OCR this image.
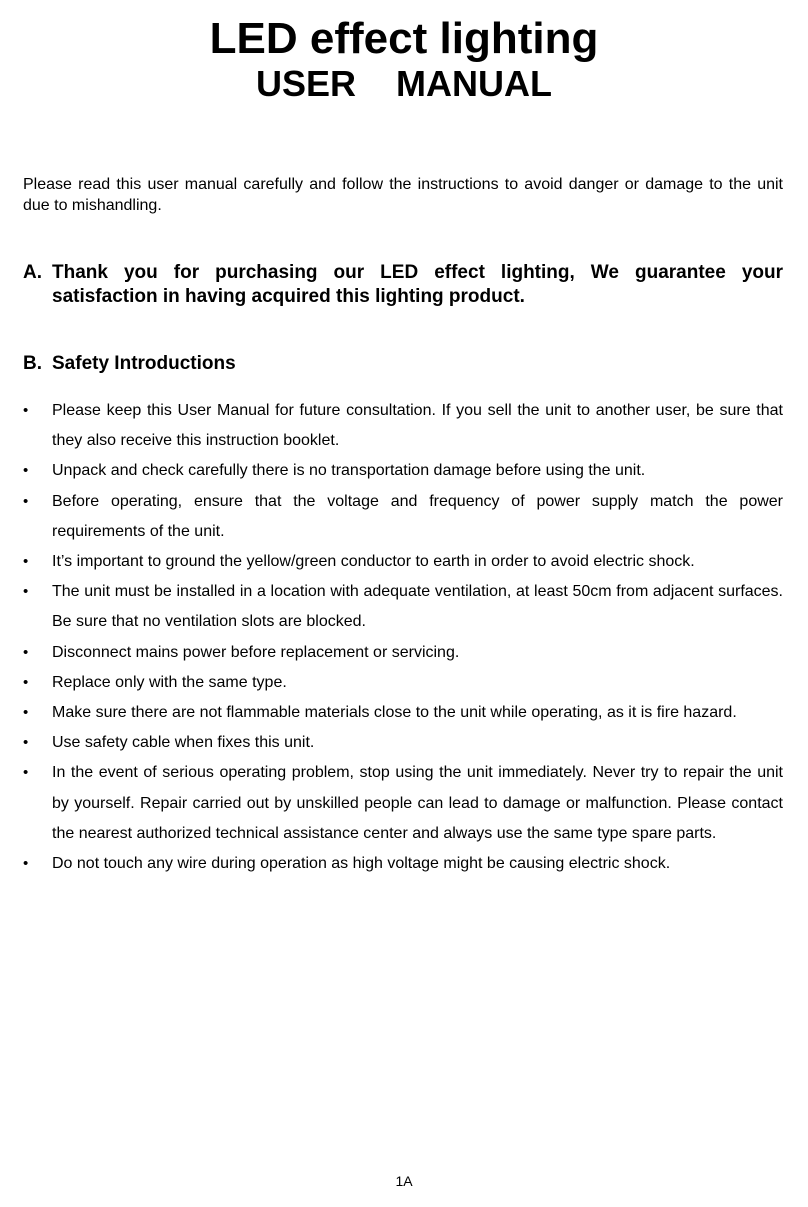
LED effect lighting
USER    MANUAL

Please read this user manual carefully and follow the instructions to avoid danger or damage to the unit due to mishandling.

A. Thank you for purchasing our LED effect lighting, We guarantee your satisfaction in having acquired this lighting product.
B. Safety Introductions
•	Please keep this User Manual for future consultation. If you sell the unit to another user, be sure that they also receive this instruction booklet.
•	Unpack and check carefully there is no transportation damage before using the unit.
•	Before operating, ensure that the voltage and frequency of power supply match the power requirements of the unit.
•	It’s important to ground the yellow/green conductor to earth in order to avoid electric shock.
•	The unit must be installed in a location with adequate ventilation, at least 50cm from adjacent surfaces. Be sure that no ventilation slots are blocked.
•	Disconnect mains power before replacement or servicing.
•	Replace only with the same type.
•	Make sure there are not flammable materials close to the unit while operating, as it is fire hazard.
•	Use safety cable when fixes this unit.
•	In the event of serious operating problem, stop using the unit immediately. Never try to repair the unit by yourself. Repair carried out by unskilled people can lead to damage or malfunction. Please contact the nearest authorized technical assistance center and always use the same type spare parts.
•	Do not touch any wire during operation as high voltage might be causing electric shock.
1A
